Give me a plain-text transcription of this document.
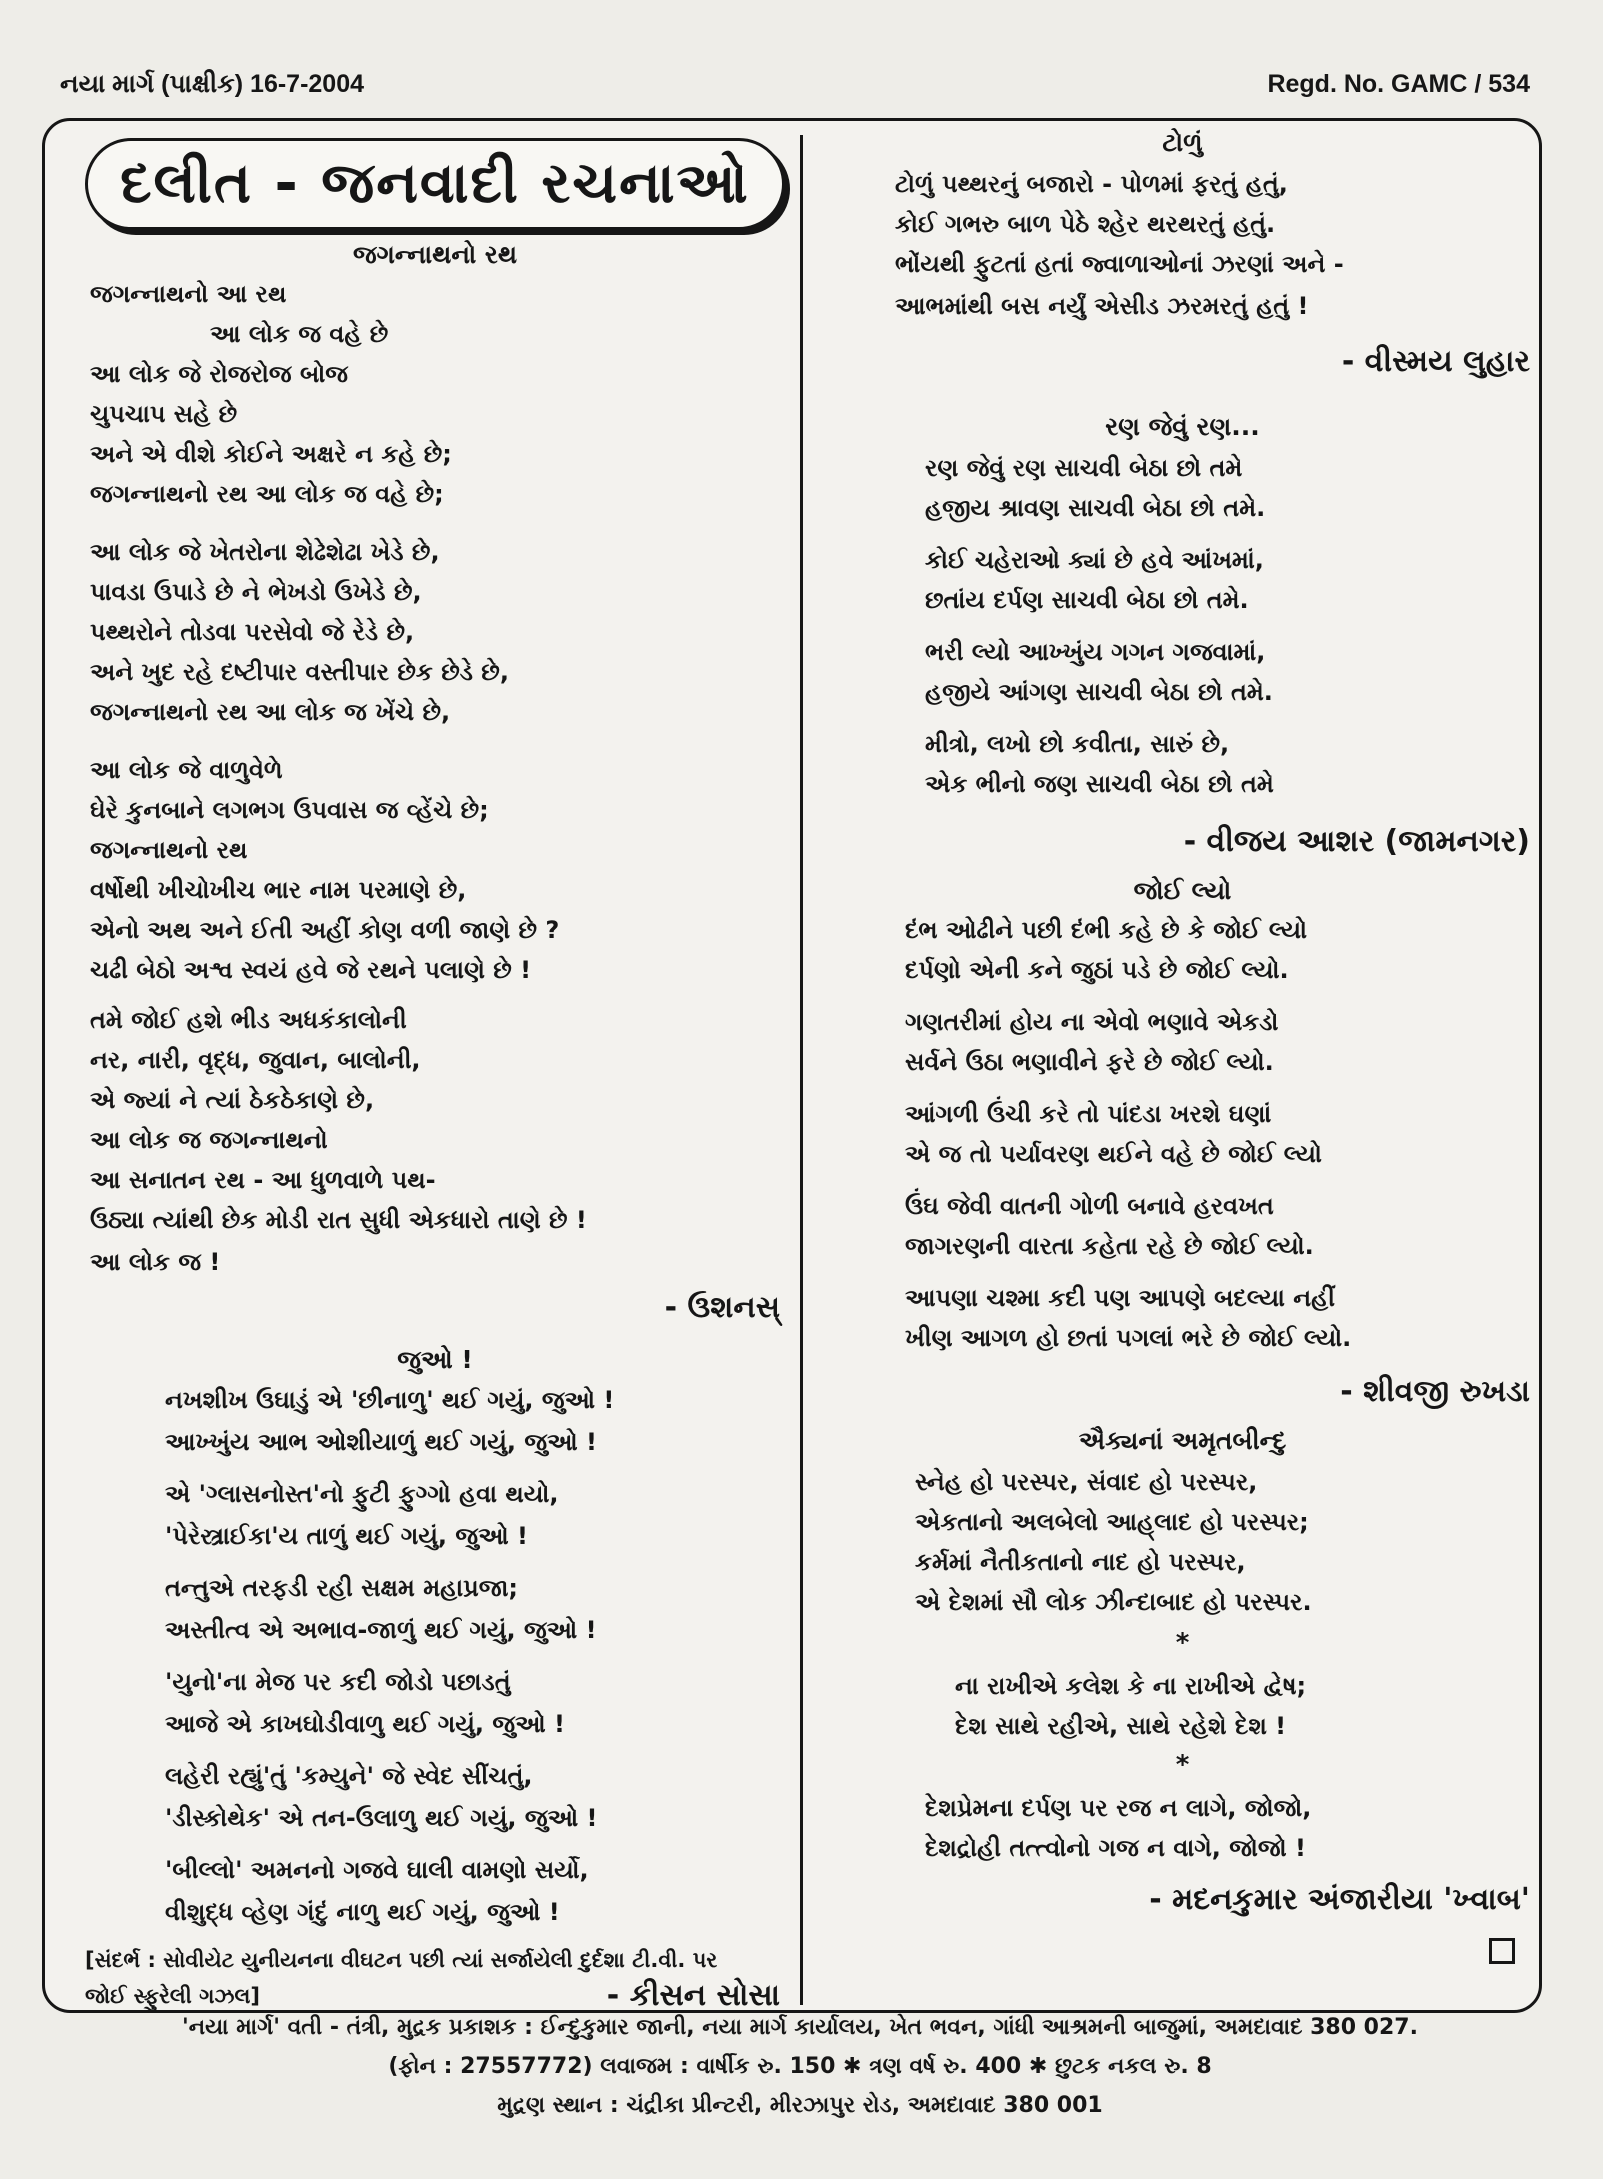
નયા માર્ગ (પાક્ષીક) 16-7-2004	Regd. No. GAMC / 534
દલીત - જનવાદી રચનાઓ
જગન્નાથનો રથ
જગન્નાથનો આ રથ
આ લોક જ વહે છે
આ લોક જે રોજરોજ બોજ
ચુપચાપ સહે છે
અને એ વીશે કોઈને અક્ષરે ન કહે છે;
જગન્નાથનો રથ આ લોક જ વહે છે;
આ લોક જે ખેતરોના શેઢેશેઢા ખેડે છે,
પાવડા ઉપાડે છે ને ભેખડો ઉખેડે છે,
પથ્થરોને તોડવા પરસેવો જે રેડે છે,
અને ખુદ રહે દષ્ટીપાર વસ્તીપાર છેક છેડે છે,
જગન્નાથનો રથ આ લોક જ ખેંચે છે,
આ લોક જે વાળુવેળે
ઘેરે કુનબાને લગભગ ઉપવાસ જ વ્હેંચે છે;
જગન્નાથનો રથ
વર્ષોથી ખીચોખીચ ભાર નામ પરમાણે છે,
એનો અથ અને ઈતી અહીં કોણ વળી જાણે છે ?
ચઢી બેઠો અશ્વ સ્વયં હવે જે રથને પલાણે છે !
તમે જોઈ હશે ભીડ અધકંકાલોની
નર, નારી, વૃદ્ધ, જુવાન, બાલોની,
એ જ્યાં ને ત્યાં ઠેકઠેકાણે છે,
આ લોક જ જગન્નાથનો
આ સનાતન રથ - આ ધુળવાળે પથ-
ઉઠ્યા ત્યાંથી છેક મોડી રાત સુધી એકધારો તાણે છે !
આ લોક જ !
- ઉશનસ્
જુઓ !
નખશીખ ઉઘાડું એ 'છીનાળુ' થઈ ગયું, જુઓ !
આખ્ખુંય આભ ઓશીયાળું થઈ ગયું, જુઓ !
એ 'ગ્લાસનોસ્ત'નો ફુટી ફુગ્ગો હવા થયો,
'પેરેસ્ત્રાઈકા'ય તાળું થઈ ગયું, જુઓ !
તન્તુએ તરફડી રહી સક્ષમ મહાપ્રજા;
અસ્તીત્વ એ અભાવ-જાળું થઈ ગયું, જુઓ !
'યુનો'ના મેજ પર કદી જોડો પછાડતું
આજે એ કાખઘોડીવાળુ થઈ ગયું, જુઓ !
લહેરી રહ્યું'તું 'કમ્યુને' જે સ્વેદ સીંચતું,
'ડીસ્કોથેક' એ તન-ઉલાળુ થઈ ગયું, જુઓ !
'બીલ્લો' અમનનો ગજવે ઘાલી વામણો સર્યો,
વીશુદ્ધ વ્હેણ ગંદું નાળુ થઈ ગયું, જુઓ !
[સંદર્ભ : સોવીયેટ યુનીયનના વીઘટન પછી ત્યાં સર્જાયેલી દુર્દશા ટી.વી. પર
જોઈ સ્ફુરેલી ગઝલ]	- કીસન સોસા
ટોળું
ટોળું પથ્થરનું બજારો - પોળમાં ફરતું હતું,
કોઈ ગભરુ બાળ પેઠે શ્હેર થરથરતું હતું.
ભોંયથી ફુટતાં હતાં જ્વાળાઓનાં ઝરણાં અને -
આભમાંથી બસ નર્યું એસીડ ઝરમરતું હતું !
- વીસ્મય લુહાર
રણ જેવું રણ...
રણ જેવું રણ સાચવી બેઠા છો તમે
હજીય શ્રાવણ સાચવી બેઠા છો તમે.
કોઈ ચહેરાઓ ક્યાં છે હવે આંખમાં,
છતાંય દર્પણ સાચવી બેઠા છો તમે.
ભરી લ્યો આખ્ખુંય ગગન ગજવામાં,
હજીયે આંગણ સાચવી બેઠા છો તમે.
મીત્રો, લખો છો કવીતા, સારું છે,
એક ભીનો જણ સાચવી બેઠા છો તમે
- વીજય આશર (જામનગર)
જોઈ લ્યો
દંભ ઓઢીને પછી દંભી કહે છે કે જોઈ લ્યો
દર્પણો એની કને જુઠાં પડે છે જોઈ લ્યો.
ગણતરીમાં હોય ના એવો ભણાવે એકડો
સર્વને ઉઠા ભણાવીને ફરે છે જોઈ લ્યો.
આંગળી ઉંચી કરે તો પાંદડા ખરશે ઘણાં
એ જ તો પર્યાવરણ થઈને વહે છે જોઈ લ્યો
ઉંઘ જેવી વાતની ગોળી બનાવે હરવખત
જાગરણની વારતા કહેતા રહે છે જોઈ લ્યો.
આપણા ચશ્મા કદી પણ આપણે બદલ્યા નહીં
ખીણ આગળ હો છતાં પગલાં ભરે છે જોઈ લ્યો.
- શીવજી રુખડા
ઐક્યનાં અમૃતબીન્દુ
સ્નેહ હો પરસ્પર, સંવાદ હો પરસ્પર,
એકતાનો અલબેલો આહ્‌લાદ હો પરસ્પર;
કર્મમાં નૈતીકતાનો નાદ હો પરસ્પર,
એ દેશમાં સૌ લોક ઝીન્દાબાદ હો પરસ્પર.
*
ના રાખીએ કલેશ કે ના રાખીએ દ્વેષ;
દેશ સાથે રહીએ, સાથે રહેશે દેશ !
*
દેશપ્રેમના દર્પણ પર રજ ન લાગે, જોજો,
દેશદ્રોહી તત્ત્વોનો ગજ ન વાગે, જોજો !
- મદનકુમાર અંજારીયા 'ખ્વાબ'
'નયા માર્ગ' વતી - તંત્રી, મુદ્રક પ્રકાશક : ઈન્દુકુમાર જાની, નયા માર્ગ કાર્યાલય, ખેત ભવન, ગાંધી આશ્રમની બાજુમાં, અમદાવાદ 380 027.
(ફોન : 27557772) લવાજમ : વાર્ષીક રુ. 150 ✱ ત્રણ વર્ષ રુ. 400 ✱ છુટક નકલ રુ. 8
મુદ્રણ સ્થાન : ચંદ્રીકા પ્રીન્ટરી, મીરઝાપુર રોડ, અમદાવાદ 380 001
